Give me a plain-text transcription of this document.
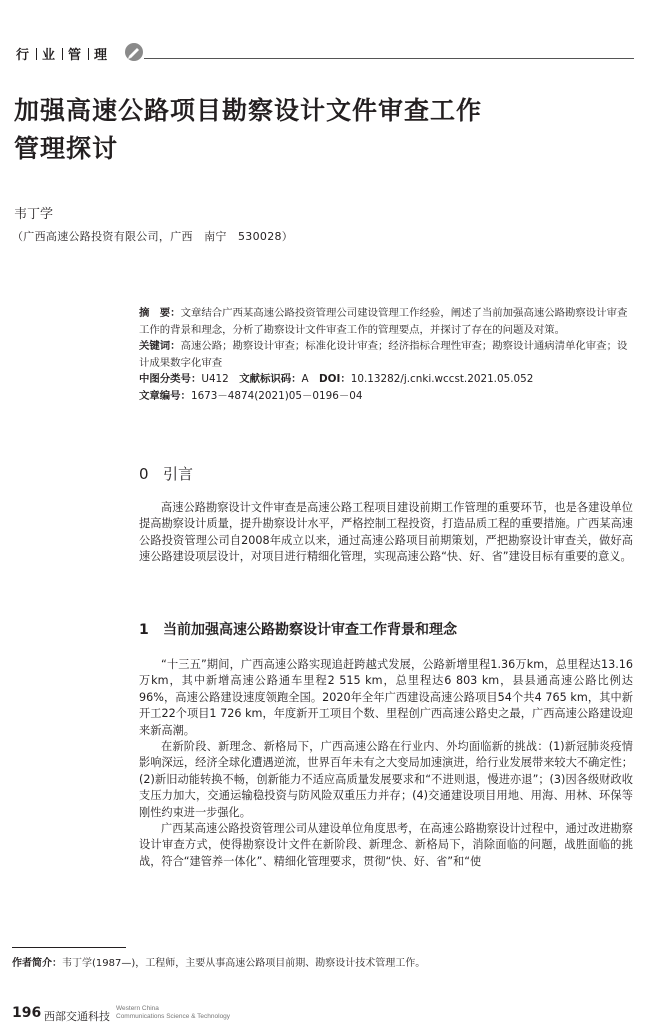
行 业 管 理
加强高速公路项目勘察设计文件审查工作
管理探讨
韦丁学
（广西高速公路投资有限公司，广西　南宁　530028）

摘　要：文章结合广西某高速公路投资管理公司建设管理工作经验，阐述了当前加强高速公路勘察设计审查工作的背景和理念，分析了勘察设计文件审查工作的管理要点，并探讨了存在的问题及对策。

关键词：高速公路；勘察设计审查；标准化设计审查；经济指标合理性审查；勘察设计通病清单化审查；设计成果数字化审查

中图分类号：U412  文献标识码：A  DOI：10.13282/j.cnki.wccst.2021.05.052

文章编号：1673－4874(2021)05－0196－04

0 引言

高速公路勘察设计文件审查是高速公路工程项目建设前期工作管理的重要环节，也是各建设单位提高勘察设计质量，提升勘察设计水平，严格控制工程投资，打造品质工程的重要措施。广西某高速公路投资管理公司自2008年成立以来，通过高速公路项目前期策划，严把勘察设计审查关，做好高速公路建设项层设计，对项目进行精细化管理，实现高速公路“快、好、省”建设目标有重要的意义。

1 当前加强高速公路勘察设计审查工作背景和理念

“十三五”期间，广西高速公路实现追赶跨越式发展，公路新增里程1.36万km，总里程达13.16万km，其中新增高速公路通车里程2 515 km，总里程达6 803 km，县县通高速公路比例达96%，高速公路建设速度领跑全国。2020年全年广西建设高速公路项目54个共4 765 km，其中新开工22个项目1 726 km，年度新开工项目个数、里程创广西高速公路史之最，广西高速公路建设迎来新高潮。

在新阶段、新理念、新格局下，广西高速公路在行业内、外均面临新的挑战：(1)新冠肺炎疫情影响深远，经济全球化遭遇逆流，世界百年未有之大变局加速演进，给行业发展带来较大不确定性；(2)新旧动能转换不畅，创新能力不适应高质量发展要求和“不进则退，慢进亦退”；(3)因各级财政收支压力加大，交通运输稳投资与防风险双重压力并存；(4)交通建设项目用地、用海、用林、环保等刚性约束进一步强化。

广西某高速公路投资管理公司从建设单位角度思考，在高速公路勘察设计过程中，通过改进勘察设计审查方式，使得勘察设计文件在新阶段、新理念、新格局下，消除面临的问题，战胜面临的挑战，符合“建管养一体化”、精细化管理要求，贯彻“快、好、省”和“使

作者简介：韦丁学(1987—)，工程师，主要从事高速公路项目前期、勘察设计技术管理工作。
196 西部交通科技
Western China
Communications Science & Technology
